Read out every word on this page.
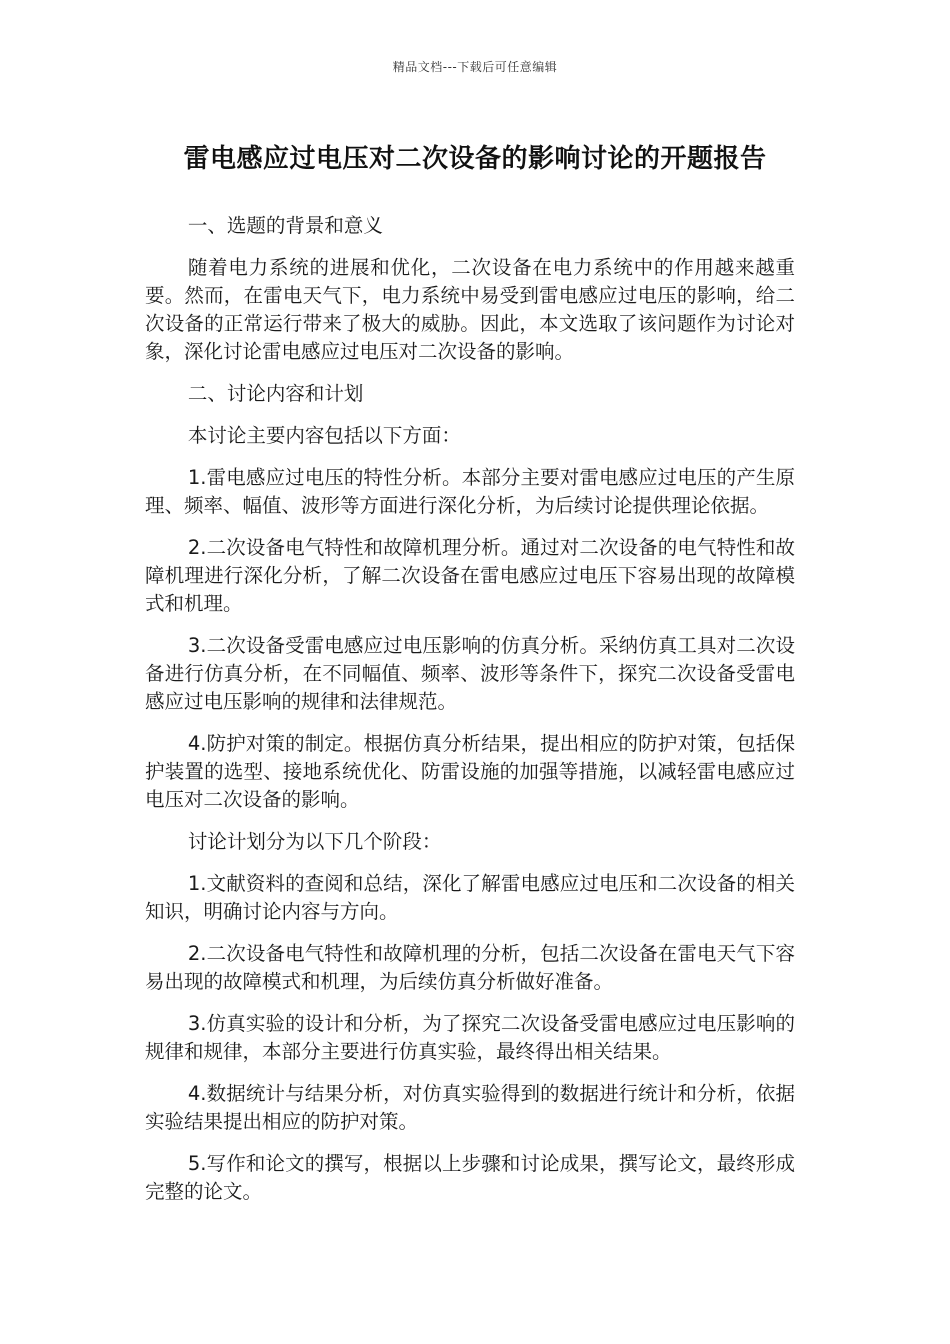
精品文档---下载后可任意编辑
雷电感应过电压对二次设备的影响讨论的开题报告

一、选题的背景和意义

随着电力系统的进展和优化，二次设备在电力系统中的作用越来越重要。然而，在雷电天气下，电力系统中易受到雷电感应过电压的影响，给二次设备的正常运行带来了极大的威胁。因此，本文选取了该问题作为讨论对象，深化讨论雷电感应过电压对二次设备的影响。

二、讨论内容和计划

本讨论主要内容包括以下方面：

1.雷电感应过电压的特性分析。本部分主要对雷电感应过电压的产生原理、频率、幅值、波形等方面进行深化分析，为后续讨论提供理论依据。

2.二次设备电气特性和故障机理分析。通过对二次设备的电气特性和故障机理进行深化分析，了解二次设备在雷电感应过电压下容易出现的故障模式和机理。

3.二次设备受雷电感应过电压影响的仿真分析。采纳仿真工具对二次设备进行仿真分析，在不同幅值、频率、波形等条件下，探究二次设备受雷电感应过电压影响的规律和法律规范。

4.防护对策的制定。根据仿真分析结果，提出相应的防护对策，包括保护装置的选型、接地系统优化、防雷设施的加强等措施，以减轻雷电感应过电压对二次设备的影响。

讨论计划分为以下几个阶段：

1.文献资料的查阅和总结，深化了解雷电感应过电压和二次设备的相关知识，明确讨论内容与方向。

2.二次设备电气特性和故障机理的分析，包括二次设备在雷电天气下容易出现的故障模式和机理，为后续仿真分析做好准备。

3.仿真实验的设计和分析，为了探究二次设备受雷电感应过电压影响的规律和规律，本部分主要进行仿真实验，最终得出相关结果。

4.数据统计与结果分析，对仿真实验得到的数据进行统计和分析，依据实验结果提出相应的防护对策。

5.写作和论文的撰写，根据以上步骤和讨论成果，撰写论文，最终形成完整的论文。
